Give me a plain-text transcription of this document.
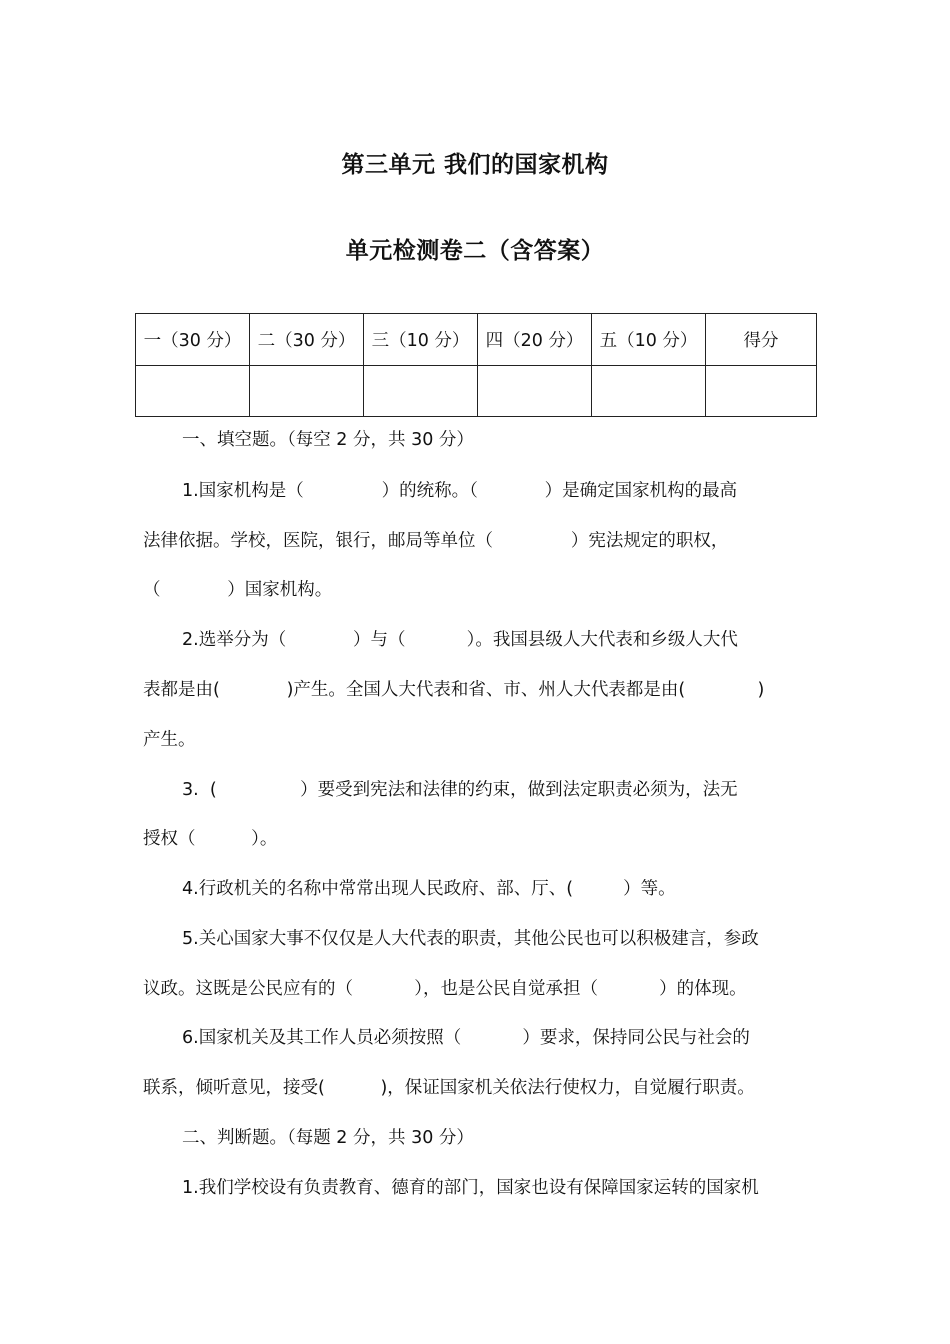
第三单元 我们的国家机构
单元检测卷二（含答案）
一（30 分）	二（30 分）	三（10 分）	四（20 分）	五（10 分）	得分

一、填空题。（每空 2 分，共 30 分）
1.国家机构是（              ）的统称。（            ）是确定国家机构的最高
法律依据。学校，医院，银行，邮局等单位（              ）宪法规定的职权，
（            ）国家机构。
2.选举分为（            ）与（           ）。我国县级人大代表和乡级人大代
表都是由(            )产生。全国人大代表和省、市、州人大代表都是由(             )
产生。
3.  (               ）要受到宪法和法律的约束，做到法定职责必须为，法无
授权（          ）。
4.行政机关的名称中常常出现人民政府、部、厅、(         ）等。
5.关心国家大事不仅仅是人大代表的职责，其他公民也可以积极建言，参政
议政。这既是公民应有的（           ），也是公民自觉承担（           ）的体现。
6.国家机关及其工作人员必须按照（           ）要求，保持同公民与社会的
联系，倾听意见，接受(          )，保证国家机关依法行使权力，自觉履行职责。
二、判断题。（每题 2 分，共 30 分）
1.我们学校设有负责教育、德育的部门，国家也设有保障国家运转的国家机
